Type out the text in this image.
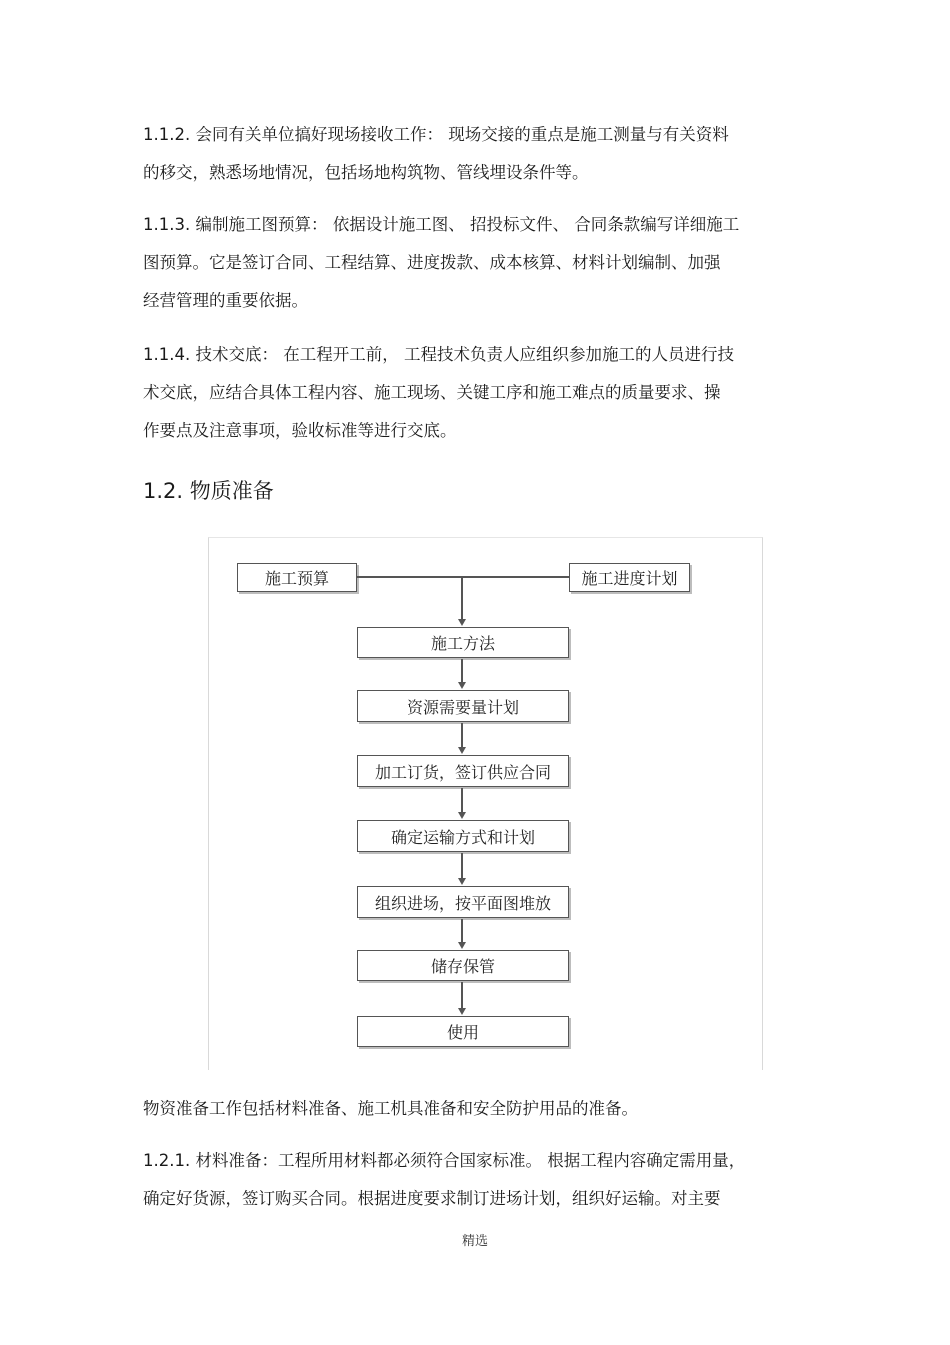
1.1.2. 会同有关单位搞好现场接收工作： 现场交接的重点是施工测量与有关资料
的移交，熟悉场地情况，包括场地构筑物、管线埋设条件等。
1.1.3. 编制施工图预算： 依据设计施工图、 招投标文件、 合同条款编写详细施工
图预算。它是签订合同、工程结算、进度拨款、成本核算、材料计划编制、加强
经营管理的重要依据。
1.1.4. 技术交底： 在工程开工前， 工程技术负责人应组织参加施工的人员进行技
术交底，应结合具体工程内容、施工现场、关键工序和施工难点的质量要求、操
作要点及注意事项，验收标准等进行交底。
1.2. 物质准备
施工预算	施工进度计划
施工方法
资源需要量计划
加工订货，签订供应合同
确定运输方式和计划
组织进场，按平面图堆放
储存保管
使用
物资准备工作包括材料准备、施工机具准备和安全防护用品的准备。
1.2.1. 材料准备：工程所用材料都必须符合国家标准。 根据工程内容确定需用量，
确定好货源，签订购买合同。根据进度要求制订进场计划，组织好运输。对主要
精选
